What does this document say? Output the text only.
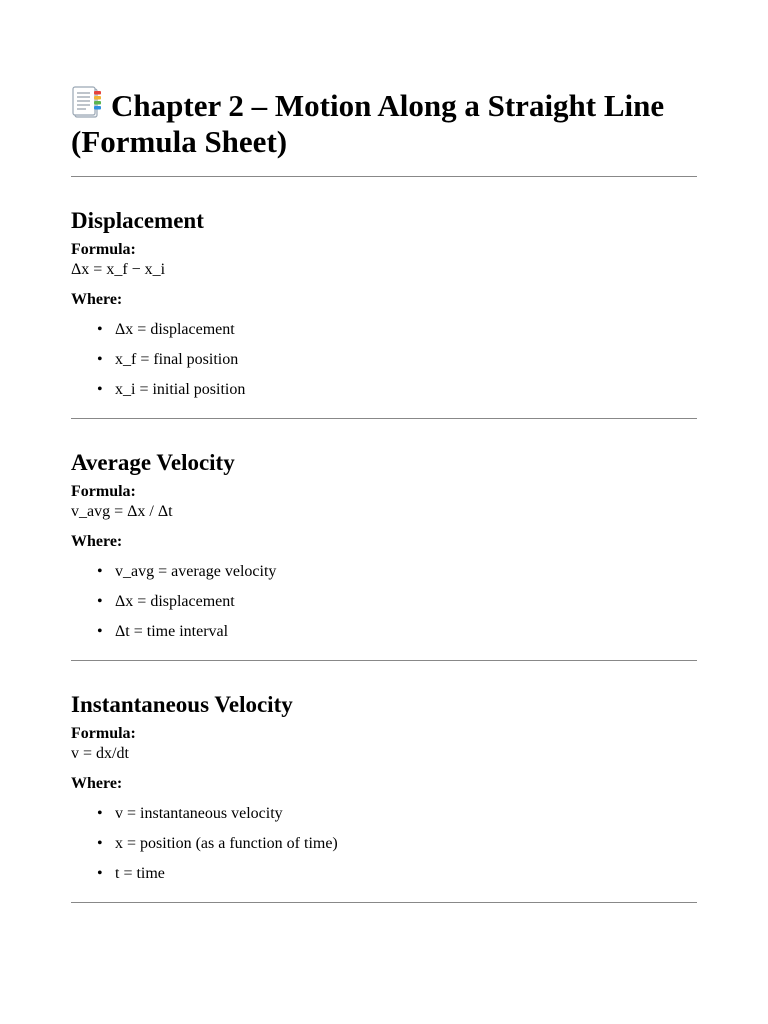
Chapter 2 – Motion Along a Straight Line (Formula Sheet)
Displacement

Formula:

Δx = x_f − x_i

Where:

• Δx = displacement
• x_f = final position
• x_i = initial position
Average Velocity

Formula:

v_avg = Δx / Δt

Where:

• v_avg = average velocity
• Δx = displacement
• Δt = time interval
Instantaneous Velocity

Formula:

v = dx/dt

Where:

• v = instantaneous velocity
• x = position (as a function of time)
• t = time
